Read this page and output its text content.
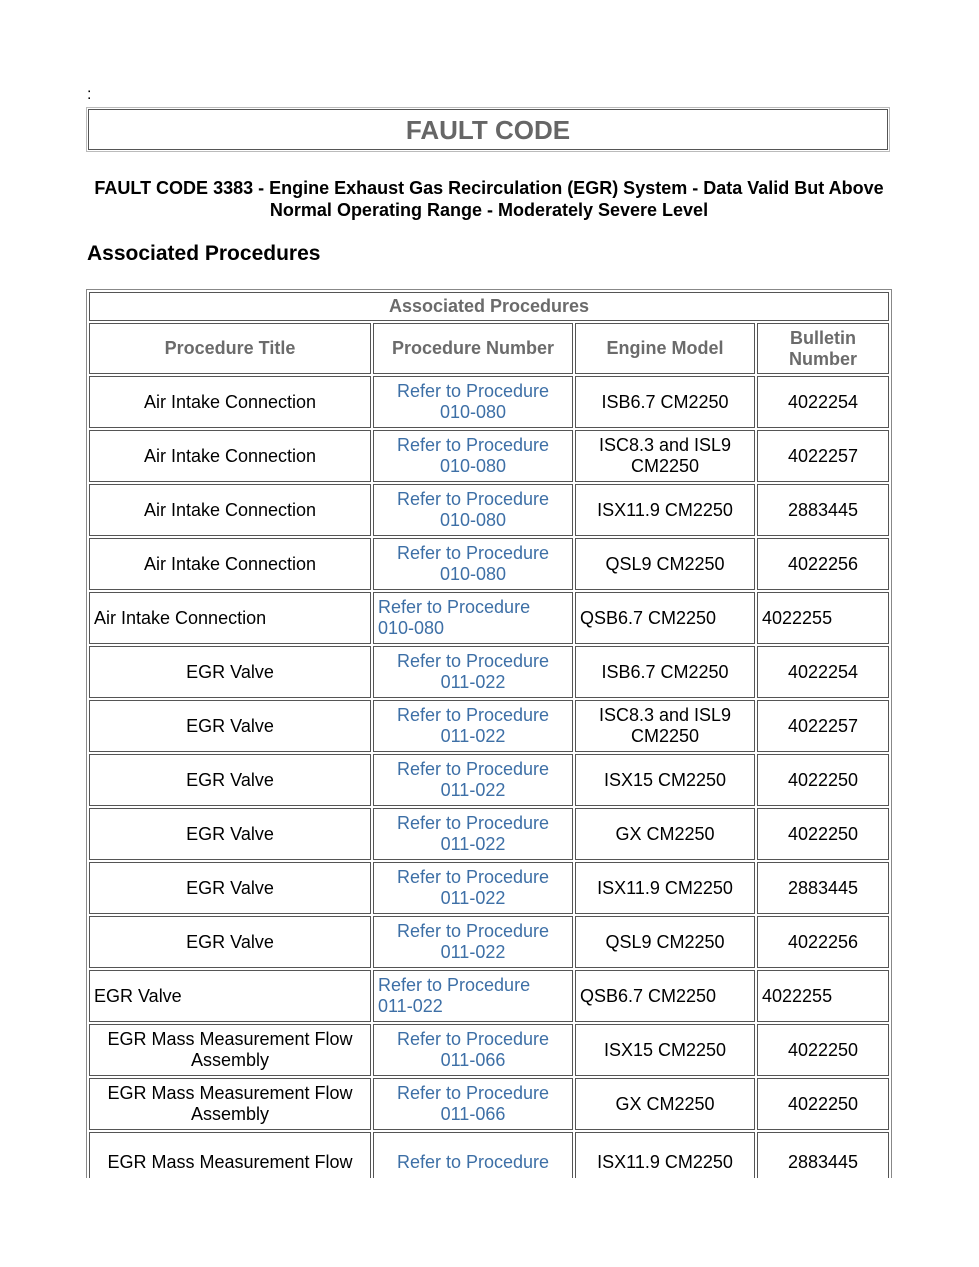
:
FAULT CODE
FAULT CODE 3383 - Engine Exhaust Gas Recirculation (EGR) System - Data Valid But Above Normal Operating Range - Moderately Severe Level
Associated Procedures
Associated Procedures			
Procedure Title	Procedure Number	Engine Model	Bulletin Number
Air Intake Connection	Refer to Procedure 010-080	ISB6.7 CM2250	4022254
Air Intake Connection	Refer to Procedure 010-080	ISC8.3 and ISL9 CM2250	4022257
Air Intake Connection	Refer to Procedure 010-080	ISX11.9 CM2250	2883445
Air Intake Connection	Refer to Procedure 010-080	QSL9 CM2250	4022256
Air Intake Connection	Refer to Procedure 010-080	QSB6.7 CM2250	4022255
EGR Valve	Refer to Procedure 011-022	ISB6.7 CM2250	4022254
EGR Valve	Refer to Procedure 011-022	ISC8.3 and ISL9 CM2250	4022257
EGR Valve	Refer to Procedure 011-022	ISX15 CM2250	4022250
EGR Valve	Refer to Procedure 011-022	GX CM2250	4022250
EGR Valve	Refer to Procedure 011-022	ISX11.9 CM2250	2883445
EGR Valve	Refer to Procedure 011-022	QSL9 CM2250	4022256
EGR Valve	Refer to Procedure 011-022	QSB6.7 CM2250	4022255
EGR Mass Measurement Flow Assembly	Refer to Procedure 011-066	ISX15 CM2250	4022250
EGR Mass Measurement Flow Assembly	Refer to Procedure 011-066	GX CM2250	4022250
EGR Mass Measurement Flow	Refer to Procedure	ISX11.9 CM2250	2883445
